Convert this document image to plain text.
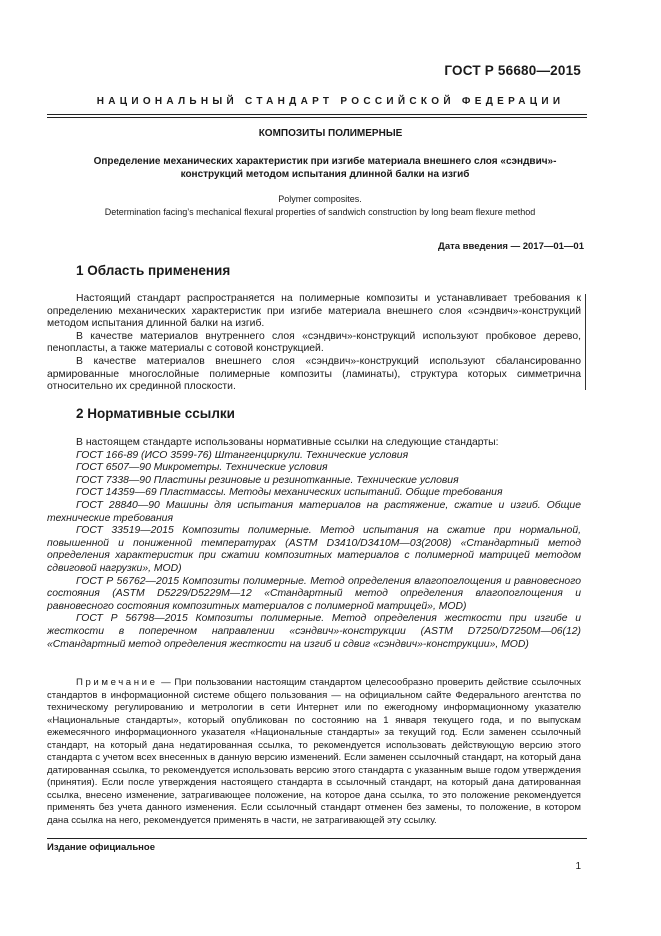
ГОСТ Р 56680—2015
НАЦИОНАЛЬНЫЙ СТАНДАРТ РОССИЙСКОЙ ФЕДЕРАЦИИ
КОМПОЗИТЫ ПОЛИМЕРНЫЕ
Определение механических характеристик при изгибе материала внешнего слоя «сэндвич»-
конструкций методом испытания длинной балки на изгиб
Polymer composites.
Determination facing’s mechanical flexural properties of sandwich construction by long beam flexure method
Дата введения — 2017—01—01
1 Область применения

Настоящий стандарт распространяется на полимерные композиты и устанавливает требования к определению механических характеристик при изгибе материала внешнего слоя «сэндвич»-конструкций методом испытания длинной балки на изгиб.

В качестве материалов внутреннего слоя «сэндвич»-конструкций используют пробковое дерево, пенопласты, а также материалы с сотовой конструкцией.

В качестве материалов внешнего слоя «сэндвич»-конструкций используют сбалансированно армированные многослойные полимерные композиты (ламинаты), структура которых симметрична относительно их срединной плоскости.

2 Нормативные ссылки

В настоящем стандарте использованы нормативные ссылки на следующие стандарты:

ГОСТ 166-89 (ИСО 3599-76) Штангенциркули. Технические условия

ГОСТ 6507—90 Микрометры. Технические условия

ГОСТ 7338—90 Пластины резиновые и резинотканные. Технические условия

ГОСТ 14359—69 Пластмассы. Методы механических испытаний. Общие требования

ГОСТ 28840—90 Машины для испытания материалов на растяжение, сжатие и изгиб. Общие технические требования

ГОСТ 33519—2015 Композиты полимерные. Метод испытания на сжатие при нормальной, повышенной и пониженной температурах (ASTM D3410/D3410M—03(2008) «Стандартный метод определения характеристик при сжатии композитных материалов с полимерной матрицей методом сдвиговой нагрузки», MOD)

ГОСТ Р 56762—2015 Композиты полимерные. Метод определения влагопоглощения и равновесного состояния (ASTM D5229/D5229M—12 «Стандартный метод определения влагопоглощения и равновесного состояния композитных материалов с полимерной матрицей», MOD)

ГОСТ Р 56798—2015 Композиты полимерные. Метод определения жесткости при изгибе и жесткости в поперечном направлении «сэндвич»-конструкции (ASTM D7250/D7250M—06(12) «Стандартный метод определения жесткости на изгиб и сдвиг «сэндвич»-конструкции», MOD)

Примечание — При пользовании настоящим стандартом целесообразно проверить действие ссылочных стандартов в информационной системе общего пользования — на официальном сайте Федерального агентства по техническому регулированию и метрологии в сети Интернет или по ежегодному информационному указателю «Национальные стандарты», который опубликован по состоянию на 1 января текущего года, и по выпускам ежемесячного информационного указателя «Национальные стандарты» за текущий год. Если заменен ссылочный стандарт, на который дана недатированная ссылка, то рекомендуется использовать действующую версию этого стандарта с учетом всех внесенных в данную версию изменений. Если заменен ссылочный стандарт, на который дана датированная ссылка, то рекомендуется использовать версию этого стандарта с указанным выше годом утверждения (принятия). Если после утверждения настоящего стандарта в ссылочный стандарт, на который дана датированная ссылка, внесено изменение, затрагивающее положение, на которое дана ссылка, то это положение рекомендуется применять без учета данного изменения. Если ссылочный стандарт отменен без замены, то положение, в котором дана ссылка на него, рекомендуется применять в части, не затрагивающей эту ссылку.

Издание официальное
1
